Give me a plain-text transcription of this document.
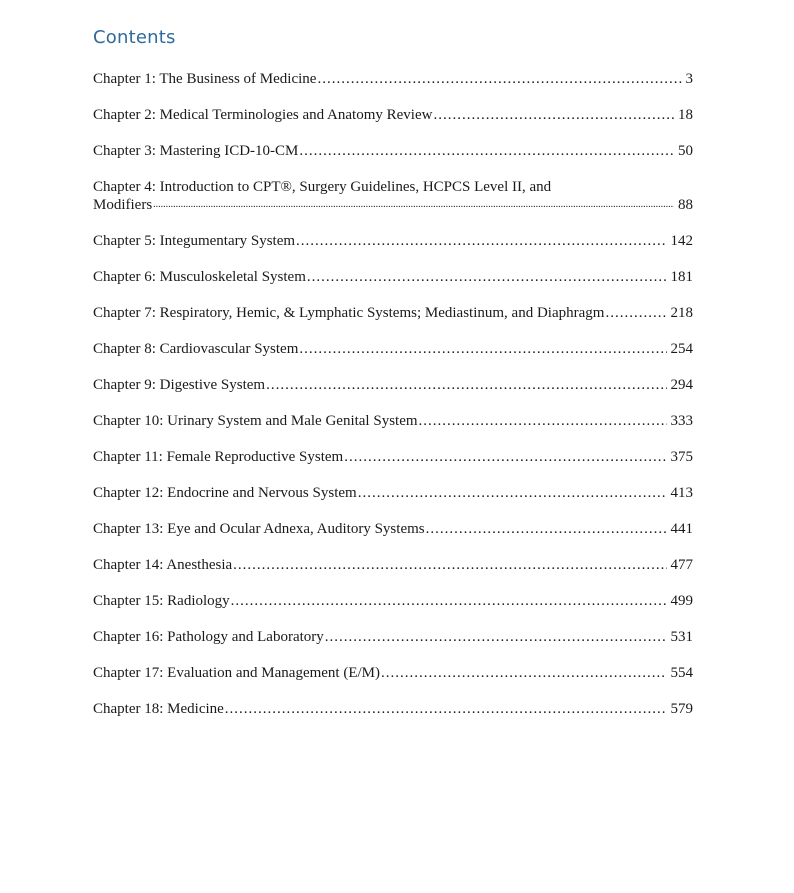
Contents
Chapter 1: The Business of Medicine .....	3
Chapter 2: Medical Terminologies and Anatomy Review .....	18
Chapter 3: Mastering ICD-10-CM .....	50
Chapter 4: Introduction to CPT®, Surgery Guidelines, HCPCS Level II, and
Modifiers .....	88
Chapter 5: Integumentary System .....	142
Chapter 6: Musculoskeletal System .....	181
Chapter 7: Respiratory, Hemic, & Lymphatic Systems; Mediastinum, and Diaphragm .....	218
Chapter 8: Cardiovascular System .....	254
Chapter 9: Digestive System .....	294
Chapter 10: Urinary System and Male Genital System .....	333
Chapter 11: Female Reproductive System .....	375
Chapter 12: Endocrine and Nervous System .....	413
Chapter 13: Eye and Ocular Adnexa, Auditory Systems .....	441
Chapter 14: Anesthesia .....	477
Chapter 15: Radiology .....	499
Chapter 16: Pathology and Laboratory .....	531
Chapter 17: Evaluation and Management (E/M) .....	554
Chapter 18: Medicine .....	579
